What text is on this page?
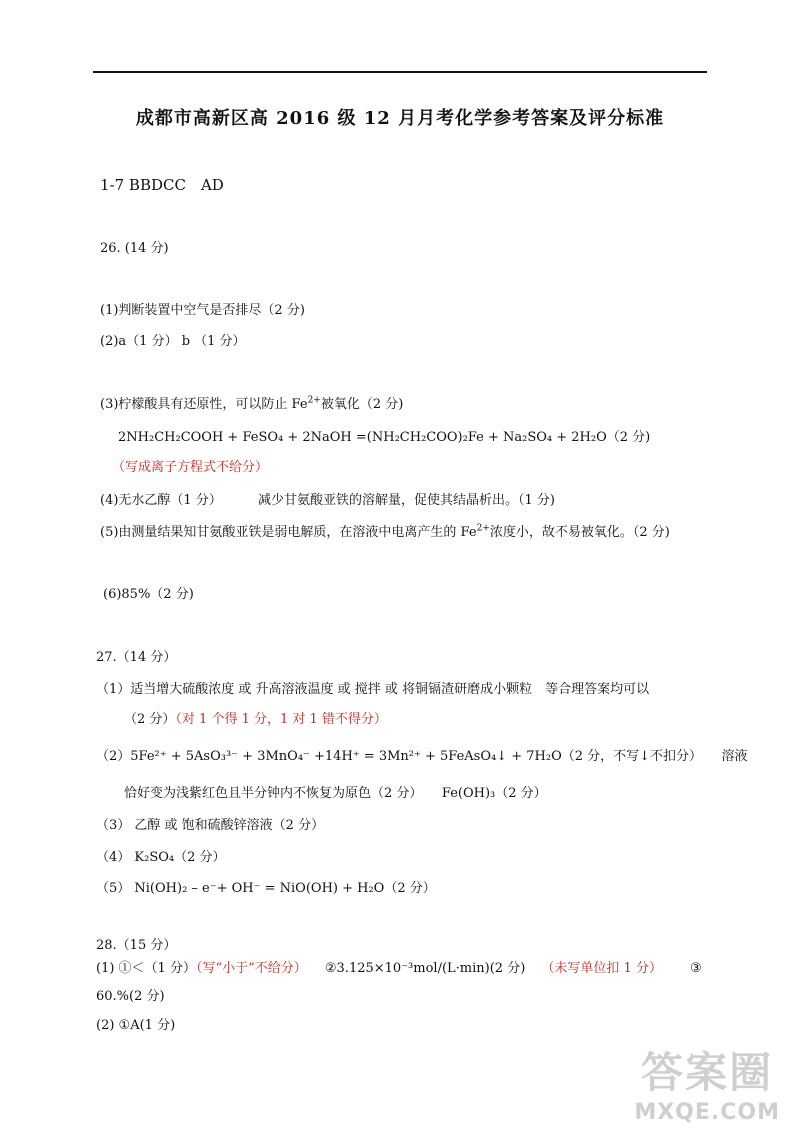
成都市高新区高 2016 级 12 月月考化学参考答案及评分标准
1-7 BBDCC　AD
26. (14 分)
(1)判断装置中空气是否排尽（2 分)
(2)a（1 分） b （1 分）
(3)柠檬酸具有还原性，可以防止 $Fe^{2+}$被氧化（2 分)
2NH₂CH₂COOH + FeSO₄ + 2NaOH =(NH₂CH₂COO)₂Fe + Na₂SO₄ + 2H₂O（2 分)
（写成离子方程式不给分）
(4)无水乙醇（1 分）	减少甘氨酸亚铁的溶解量，促使其结晶析出。（1 分)
(5)由测量结果知甘氨酸亚铁是弱电解质，在溶液中电离产生的 $Fe^{2+}$浓度小，故不易被氧化。（2 分)
(6)85%（2 分)
27.（14 分）
（1）适当增大硫酸浓度 或 升高溶液温度 或 搅拌 或 将铜镉渣研磨成小颗粒　等合理答案均可以
（2 分）（对 1 个得 1 分，1 对 1 错不得分）
（2）5Fe²⁺ + 5AsO₃³⁻ + 3MnO₄⁻ +14H⁺ = 3Mn²⁺ + 5FeAsO₄↓ + 7H₂O（2 分，不写↓不扣分）　　溶液
恰好变为浅紫红色且半分钟内不恢复为原色（2 分）　　Fe(OH)₃（2 分）
（3） 乙醇 或 饱和硫酸锌溶液（2 分）
（4） K₂SO₄（2 分）
（5） Ni(OH)₂ – e⁻+ OH⁻ = NiO(OH) + H₂O（2 分）
28.（15 分）
(1) ①＜（1 分）（写“小于”不给分） ②3.125×10⁻³mol/(L·min)(2 分) （未写单位扣 1 分） ③
60.%(2 分)
(2) ①A(1 分)
答案圈
MXQE.COM
